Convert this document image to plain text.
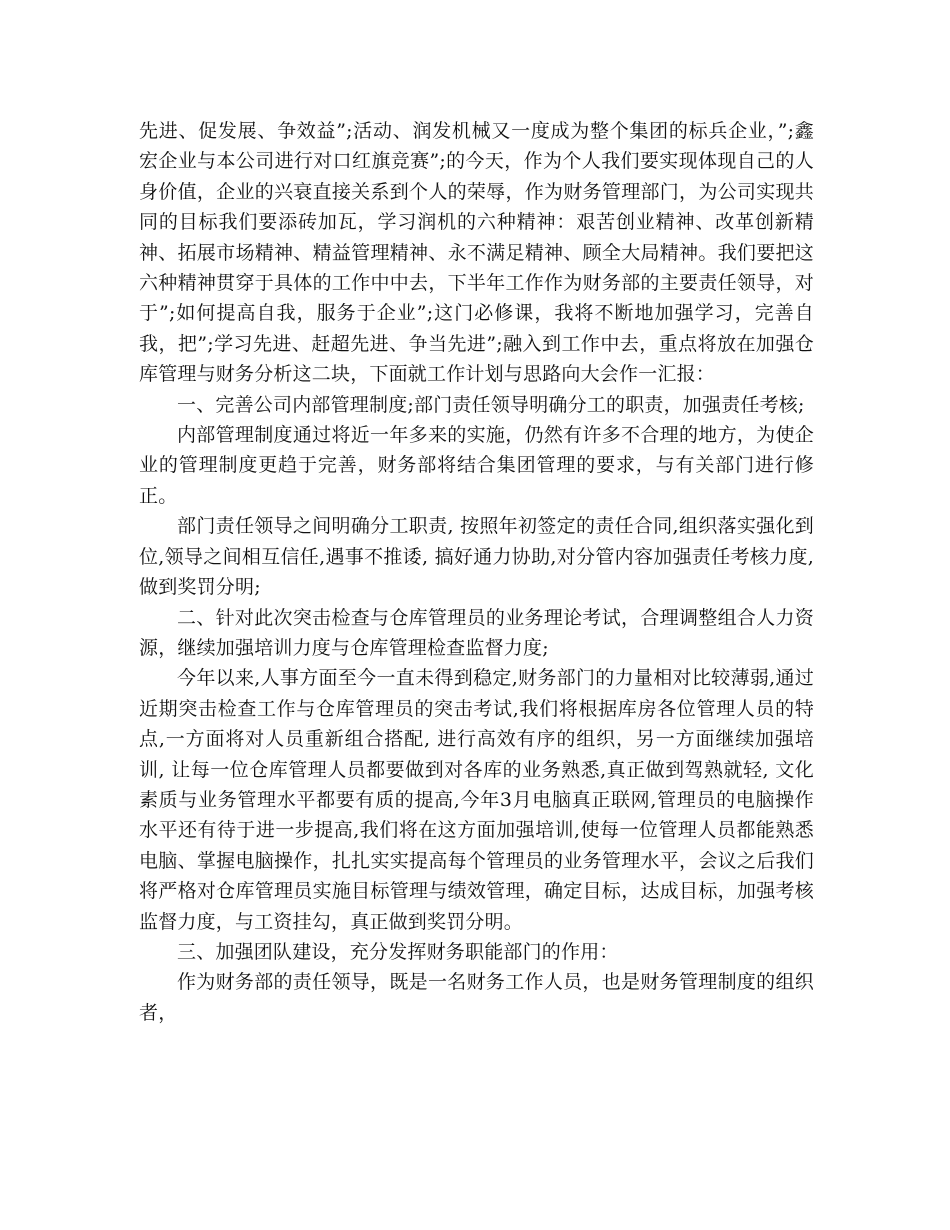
先进、促发展、争效益”;活动、润发机械又一度成为整个集团的标兵企业，”;鑫宏企业与本公司进行对口红旗竞赛”;的今天，作为个人我们要实现体现自己的人身价值，企业的兴衰直接关系到个人的荣辱，作为财务管理部门，为公司实现共同的目标我们要添砖加瓦，学习润机的六种精神：艰苦创业精神、改革创新精神、拓展市场精神、精益管理精神、永不满足精神、顾全大局精神。我们要把这六种精神贯穿于具体的工作中中去，下半年工作作为财务部的主要责任领导，对于”;如何提高自我，服务于企业”;这门必修课，我将不断地加强学习，完善自我，把”;学习先进、赶超先进、争当先进”;融入到工作中去，重点将放在加强仓库管理与财务分析这二块，下面就工作计划与思路向大会作一汇报：

一、完善公司内部管理制度;部门责任领导明确分工的职责，加强责任考核;

内部管理制度通过将近一年多来的实施，仍然有许多不合理的地方，为使企业的管理制度更趋于完善，财务部将结合集团管理的要求，与有关部门进行修正。

部门责任领导之间明确分工职责, 按照年初签定的责任合同,组织落实强化到位,领导之间相互信任,遇事不推诿, 搞好通力协助,对分管内容加强责任考核力度,做到奖罚分明;

二、针对此次突击检查与仓库管理员的业务理论考试，合理调整组合人力资源，继续加强培训力度与仓库管理检查监督力度;

今年以来,人事方面至今一直未得到稳定,财务部门的力量相对比较薄弱,通过近期突击检查工作与仓库管理员的突击考试,我们将根据库房各位管理人员的特点,一方面将对人员重新组合搭配, 进行高效有序的组织，另一方面继续加强培训, 让每一位仓库管理人员都要做到对各库的业务熟悉,真正做到驾熟就轻, 文化素质与业务管理水平都要有质的提高,今年3月电脑真正联网,管理员的电脑操作水平还有待于进一步提高,我们将在这方面加强培训,使每一位管理人员都能熟悉电脑、掌握电脑操作，扎扎实实提高每个管理员的业务管理水平，会议之后我们将严格对仓库管理员实施目标管理与绩效管理，确定目标，达成目标，加强考核监督力度，与工资挂勾，真正做到奖罚分明。

三、加强团队建设，充分发挥财务职能部门的作用：

作为财务部的责任领导，既是一名财务工作人员，也是财务管理制度的组织者，
